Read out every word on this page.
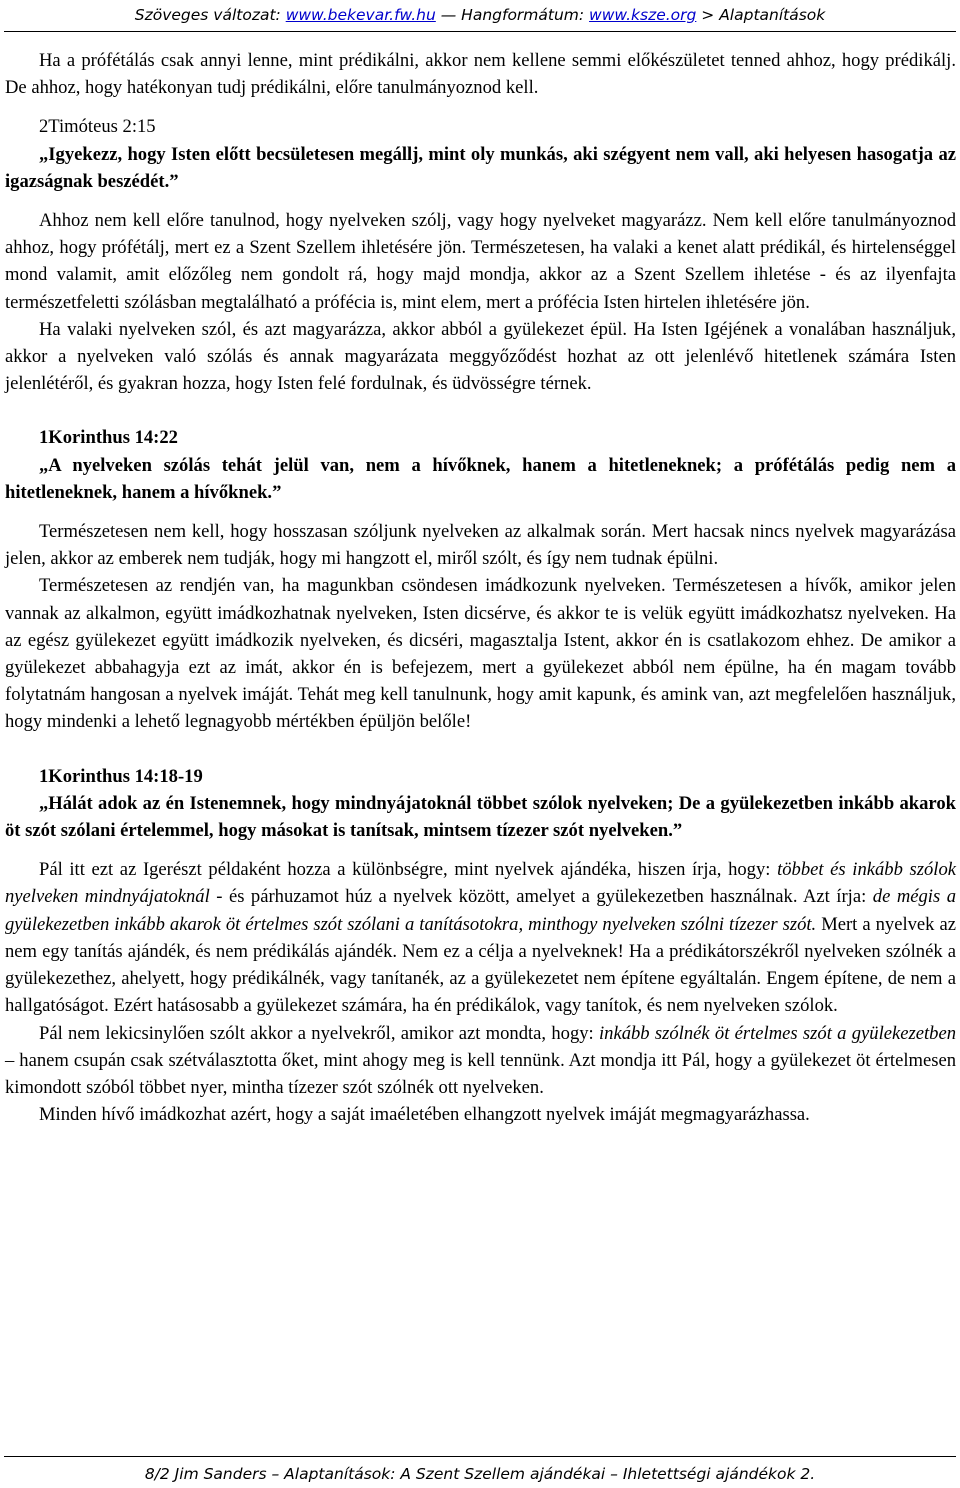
Szöveges változat: www.bekevar.fw.hu — Hangformátum: www.ksze.org > Alaptanítások

Ha a prófétálás csak annyi lenne, mint prédikálni, akkor nem kellene semmi előkészületet tenned ahhoz, hogy prédikálj. De ahhoz, hogy hatékonyan tudj prédikálni, előre tanulmányoznod kell.

2Timóteus 2:15

„Igyekezz, hogy Isten előtt becsületesen megállj, mint oly munkás, aki szégyent nem vall, aki helyesen hasogatja az igazságnak beszédét.”

Ahhoz nem kell előre tanulnod, hogy nyelveken szólj, vagy hogy nyelveket magyarázz. Nem kell előre tanulmányoznod ahhoz, hogy prófétálj, mert ez a Szent Szellem ihletésére jön. Természetesen, ha valaki a kenet alatt prédikál, és hirtelenséggel mond valamit, amit előzőleg nem gondolt rá, hogy majd mondja, akkor az a Szent Szellem ihletése - és az ilyenfajta természetfeletti szólásban megtalálható a prófécia is, mint elem, mert a prófécia Isten hirtelen ihletésére jön.

Ha valaki nyelveken szól, és azt magyarázza, akkor abból a gyülekezet épül. Ha Isten Igéjének a vonalában használjuk, akkor a nyelveken való szólás és annak magyarázata meggyőződést hozhat az ott jelenlévő hitetlenek számára Isten jelenlétéről, és gyakran hozza, hogy Isten felé fordulnak, és üdvösségre térnek.

1Korinthus 14:22

„A nyelveken szólás tehát jelül van, nem a hívőknek, hanem a hitetleneknek; a prófétálás pedig nem a hitetleneknek, hanem a hívőknek.”

Természetesen nem kell, hogy hosszasan szóljunk nyelveken az alkalmak során. Mert hacsak nincs nyelvek magyarázása jelen, akkor az emberek nem tudják, hogy mi hangzott el, miről szólt, és így nem tudnak épülni.

Természetesen az rendjén van, ha magunkban csöndesen imádkozunk nyelveken. Természetesen a hívők, amikor jelen vannak az alkalmon, együtt imádkozhatnak nyelveken, Isten dicsérve, és akkor te is velük együtt imádkozhatsz nyelveken. Ha az egész gyülekezet együtt imádkozik nyelveken, és dicséri, magasztalja Istent, akkor én is csatlakozom ehhez. De amikor a gyülekezet abbahagyja ezt az imát, akkor én is befejezem, mert a gyülekezet abból nem épülne, ha én magam tovább folytatnám hangosan a nyelvek imáját. Tehát meg kell tanulnunk, hogy amit kapunk, és amink van, azt megfelelően használjuk, hogy mindenki a lehető legnagyobb mértékben épüljön belőle!

1Korinthus 14:18-19

„Hálát adok az én Istenemnek, hogy mindnyájatoknál többet szólok nyelveken; De a gyülekezetben inkább akarok öt szót szólani értelemmel, hogy másokat is tanítsak, mintsem tízezer szót nyelveken.”

Pál itt ezt az Igerészt példaként hozza a különbségre, mint nyelvek ajándéka, hiszen írja, hogy: többet és inkább szólok nyelveken mindnyájatoknál - és párhuzamot húz a nyelvek között, amelyet a gyülekezetben használnak. Azt írja: de mégis a gyülekezetben inkább akarok öt értelmes szót szólani a tanításotokra, minthogy nyelveken szólni tízezer szót. Mert a nyelvek az nem egy tanítás ajándék, és nem prédikálás ajándék. Nem ez a célja a nyelveknek! Ha a prédikátorszékről nyelveken szólnék a gyülekezethez, ahelyett, hogy prédikálnék, vagy tanítanék, az a gyülekezetet nem építene egyáltalán. Engem építene, de nem a hallgatóságot. Ezért hatásosabb a gyülekezet számára, ha én prédikálok, vagy tanítok, és nem nyelveken szólok.

Pál nem lekicsinylően szólt akkor a nyelvekről, amikor azt mondta, hogy: inkább szólnék öt értelmes szót a gyülekezetben – hanem csupán csak szétválasztotta őket, mint ahogy meg is kell tennünk. Azt mondja itt Pál, hogy a gyülekezet öt értelmesen kimondott szóból többet nyer, mintha tízezer szót szólnék ott nyelveken.

Minden hívő imádkozhat azért, hogy a saját imaéletében elhangzott nyelvek imáját megmagyarázhassa.

8/2 Jim Sanders – Alaptanítások: A Szent Szellem ajándékai – Ihletettségi ajándékok 2.
